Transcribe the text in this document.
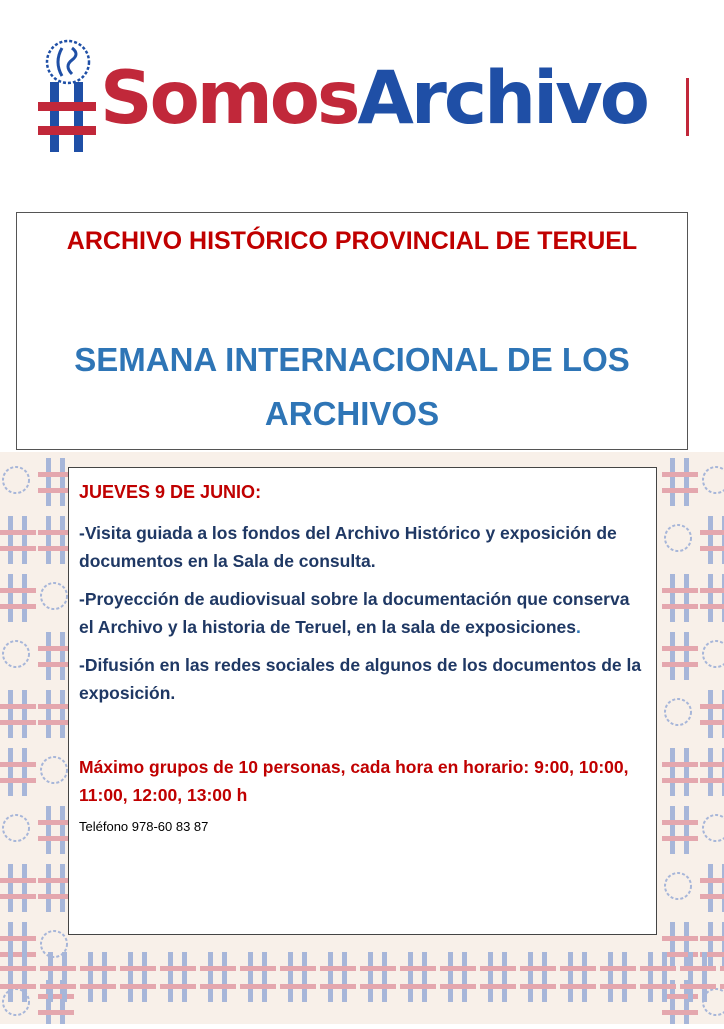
SomosArchivo
ARCHIVO HISTÓRICO PROVINCIAL DE TERUEL
SEMANA INTERNACIONAL DE LOS
ARCHIVOS

JUEVES 9 DE JUNIO:

-Visita guiada a los fondos del Archivo Histórico y exposición de documentos en la Sala de consulta.

-Proyección de audiovisual sobre la documentación que conserva el Archivo y la historia de Teruel, en la sala de exposiciones.

-Difusión en las redes sociales de algunos de los documentos de la exposición.

Máximo grupos de 10 personas, cada hora en horario: 9:00, 10:00, 11:00, 12:00, 13:00 h

Teléfono 978-60 83 87
